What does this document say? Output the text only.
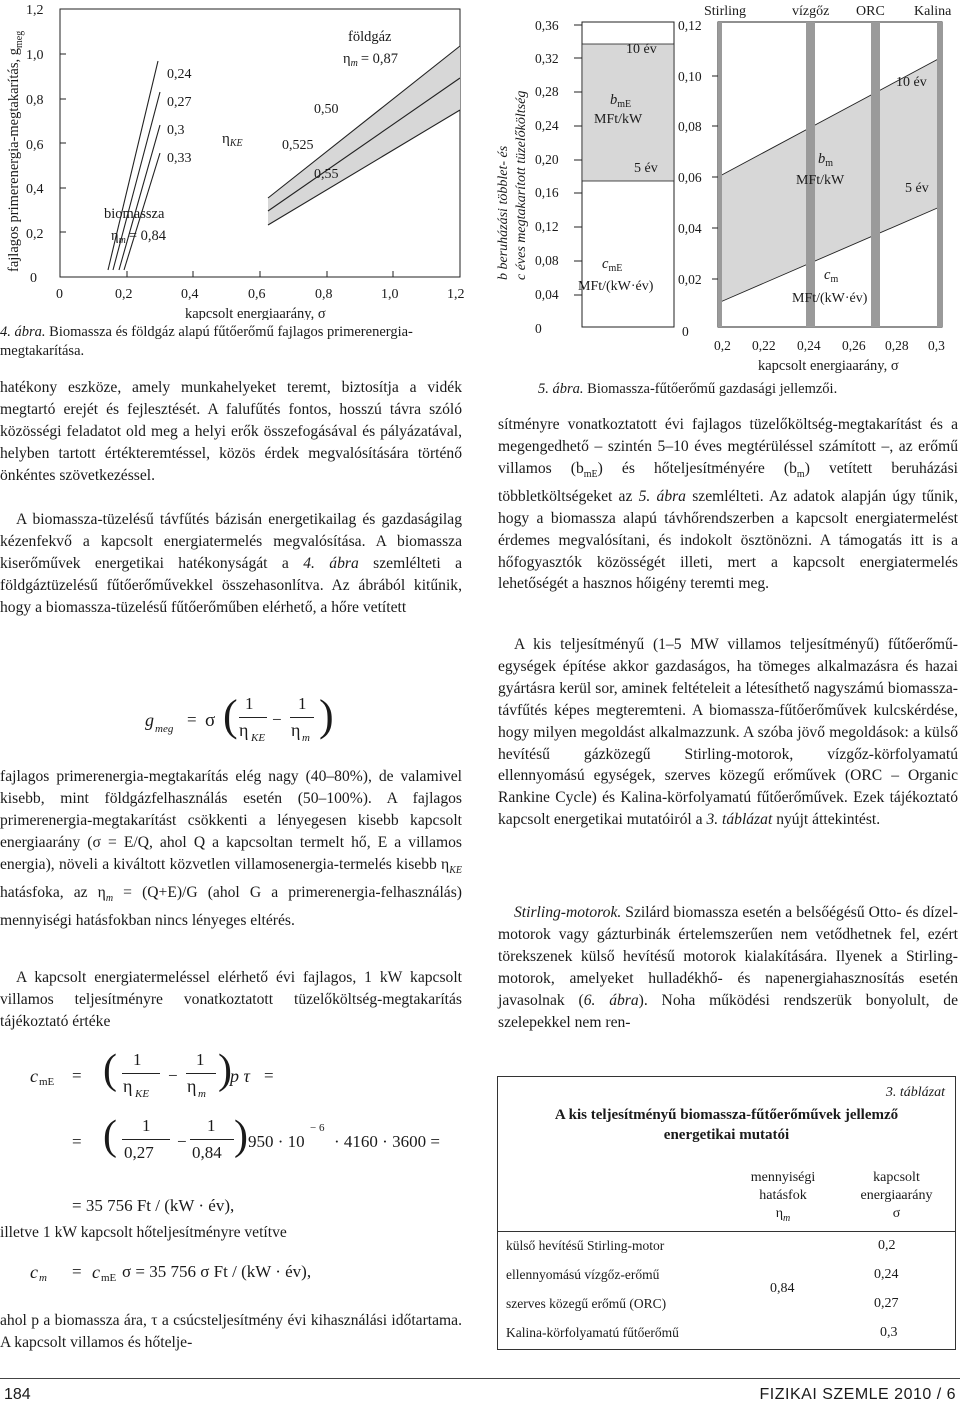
fajlagos primerenergia-megtakarítás, $g_{meg}$
1,2
1,0
0,8
0,6
0,4
0,2
0
0	0,2	0,4	0,6	0,8	1,0	1,2
kapcsolt energiaarány, σ
0,24
0,27
0,3
0,33
$\eta_{KE}$
biomassza
$\eta_m = 0,84$
0,50
0,525
0,55
földgáz
$\eta_m = 0,87$
4. ábra. Biomassza és földgáz alapú fűtőerőmű fajlagos primerenergia-megtakarítása.
b beruházási többlet- és c éves megtakarított tüzelőköltség
0,36
0,32
0,28
0,24
0,20
0,16
0,12
0,08
0,04
0
10 év
$b_{mE}$
MFt/kW
5 év
$c_{mE}$
MFt/(kW·év)
Stirling	vízgőz ORC Kalina
0,12
0,10
0,08
0,06
0,04
0,02
0
10 év
$b_m$
MFt/kW
5 év
$c_m$
MFt/(kW·év)
0,2 0,22 0,24 0,26 0,28 0,3
kapcsolt energiaarány, σ
5. ábra. Biomassza-fűtőerőmű gazdasági jellemzői.

hatékony eszköze, amely munkahelyeket teremt, biztosítja a vidék megtartó erejét és fejlesztését. A falufűtés fontos, hosszú távra szóló közösségi feladatot old meg a helyi erők összefogásával és pályázatával, helyben tartott értékteremtéssel, közös érdek megvalósítására történő önkéntes szövetkezéssel.

A biomassza-tüzelésű távfűtés bázisán energetikailag és gazdaságilag kézenfekvő a kapcsolt energiatermelés megvalósítása. A biomassza kiserőművek energetikai hatékonyságát a 4. ábra szemlélteti a földgáztüzelésű fűtőerőművekkel összehasonlítva. Az ábrából kitűnik, hogy a biomassza-tüzelésű fűtőerőműben elérhető, a hőre vetített

g meg = σ ( 1
η KE
−
1
η m )

fajlagos primerenergia-megtakarítás elég nagy (40–80%), de valamivel kisebb, mint földgázfelhasználás esetén (50–100%). A fajlagos primerenergia-megtakarítást csökkenti a lényegesen kisebb kapcsolt energiaarány (σ = E/Q, ahol Q a kapcsoltan termelt hő, E a villamos energia), növeli a kiváltott közvetlen villamosenergia-termelés kisebb $\eta_{KE}$ hatásfoka, az $\eta_m = (Q+E)/G$ (ahol G a primerenergia-felhasználás) mennyiségi hatásfokban nincs lényeges eltérés.

A kapcsolt energiatermeléssel elérhető évi fajlagos, 1 kW kapcsolt villamos teljesítményre vonatkoztatott tüzelőköltség-megtakarítás tájékoztató értéke

c mE = ( 1
η KE
−
1
η m
)
p τ =
= ( 1
0,27
−
1
0,84 ) 950 · 10
− 6
· 4160 · 3600 =
= 35 756 Ft / (kW · év),

illetve 1 kW kapcsolt hőteljesítményre vetítve

c m = c mE σ = 35 756 σ Ft / (kW · év),

ahol p a biomassza ára, τ a csúcsteljesítmény évi kihasználási időtartama. A kapcsolt villamos és hőtelje-

sítményre vonatkoztatott évi fajlagos tüzelőköltség-megtakarítást és a megengedhető – szintén 5–10 éves megtérüléssel számított –, az erőmű villamos $(b_{mE})$ és hőteljesítményére $(b_m)$ vetített beruházási többletköltségeket az 5. ábra szemlélteti. Az adatok alapján úgy tűnik, hogy a biomassza alapú távhőrendszerben a kapcsolt energiatermelést érdemes megvalósítani, és indokolt ösztönözni. A támogatás itt is a hőfogyasztók közösségét illeti, mert a kapcsolt energiatermelés lehetőségét a hasznos hőigény teremti meg.

A kis teljesítményű (1–5 MW villamos teljesítményű) fűtőerőmű-egységek építése akkor gazdaságos, ha tömeges alkalmazásra és hazai gyártásra kerül sor, aminek feltételeit a létesíthető nagyszámú biomassza-távfűtés képes megteremteni. A biomassza-fűtőerőművek kulcskérdése, hogy milyen megoldást alkalmazzunk. A szóba jövő megoldások: a külső hevítésű gázközegű Stirling-motorok, vízgőz-körfolyamatú ellennyomású egységek, szerves közegű erőművek (ORC – Organic Rankine Cycle) és Kalina-körfolyamatú fűtőerőművek. Ezek tájékoztató kapcsolt energetikai mutatóiról a 3. táblázat nyújt áttekintést.

Stirling-motorok. Szilárd biomassza esetén a belsőégésű Otto- és dízel-motorok vagy gázturbinák értelemszerűen nem vetődhetnek fel, ezért törekszenek külső hevítésű motorok kialakítására. Ilyenek a Stirling-motorok, amelyeket hulladékhő- és napenergiahasznosítás esetén javasolnak (6. ábra). Noha működési rendszerük bonyolult, de szelepekkel nem ren-

3. táblázat
A kis teljesítményű biomassza-fűtőerőművek jellemző
energetikai mutatói
mennyiségi
hatásfok
$\eta_m$
kapcsolt
energiaarány
σ
külső hevítésű Stirling-motor	0,2
ellennyomású vízgőz-erőmű	0,24
szerves közegű erőmű (ORC)	0,27
Kalina-körfolyamatú fűtőerőmű	0,3
0,84
184	FIZIKAI SZEMLE 2010 / 6
